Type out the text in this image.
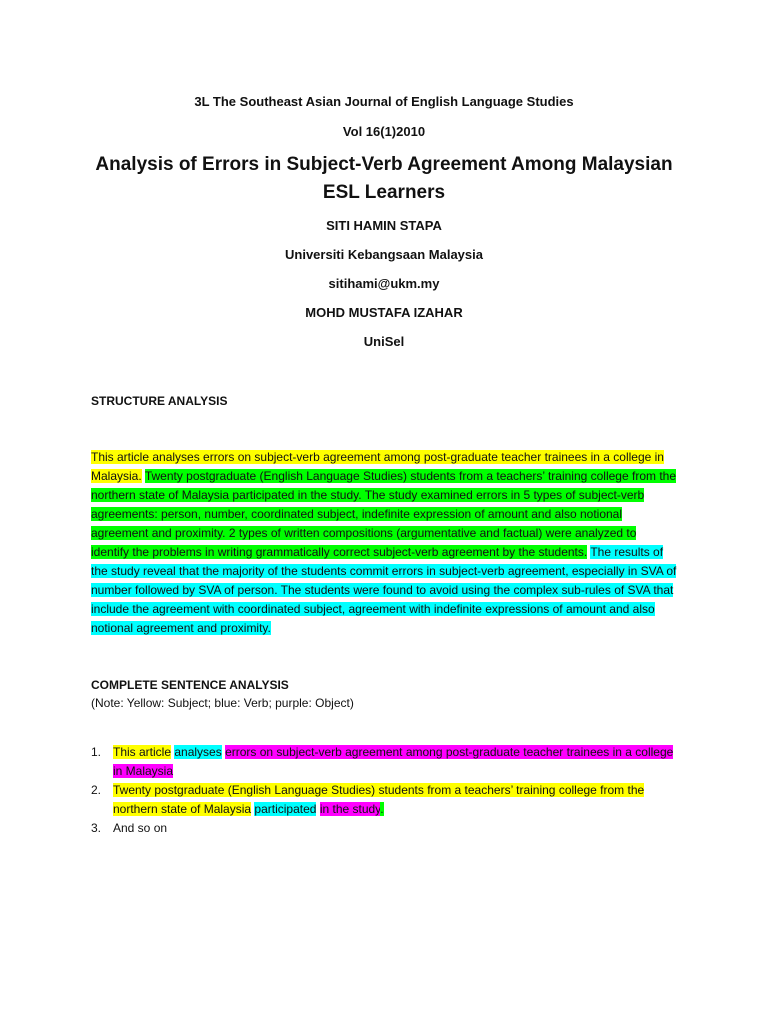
3L The Southeast Asian Journal of English Language Studies
Vol 16(1)2010
Analysis of Errors in Subject-Verb Agreement Among Malaysian ESL Learners
SITI HAMIN STAPA
Universiti Kebangsaan Malaysia
sitihami@ukm.my
MOHD MUSTAFA IZAHAR
UniSel
STRUCTURE ANALYSIS
This article analyses errors on subject-verb agreement among post-graduate teacher trainees in a college in Malaysia. Twenty postgraduate (English Language Studies) students from a teachers’ training college from the northern state of Malaysia participated in the study. The study examined errors in 5 types of subject-verb agreements: person, number, coordinated subject, indefinite expression of amount and also notional agreement and proximity. 2 types of written compositions (argumentative and factual) were analyzed to identify the problems in writing grammatically correct subject-verb agreement by the students. The results of the study reveal that the majority of the students commit errors in subject-verb agreement, especially in SVA of number followed by SVA of person. The students were found to avoid using the complex sub-rules of SVA that include the agreement with coordinated subject, agreement with indefinite expressions of amount and also notional agreement and proximity.
COMPLETE SENTENCE ANALYSIS
(Note: Yellow: Subject; blue: Verb; purple: Object)
1. This article analyses errors on subject-verb agreement among post-graduate teacher trainees in a college in Malaysia
2. Twenty postgraduate (English Language Studies) students from a teachers’ training college from the northern state of Malaysia participated in the study.
3. And so on
